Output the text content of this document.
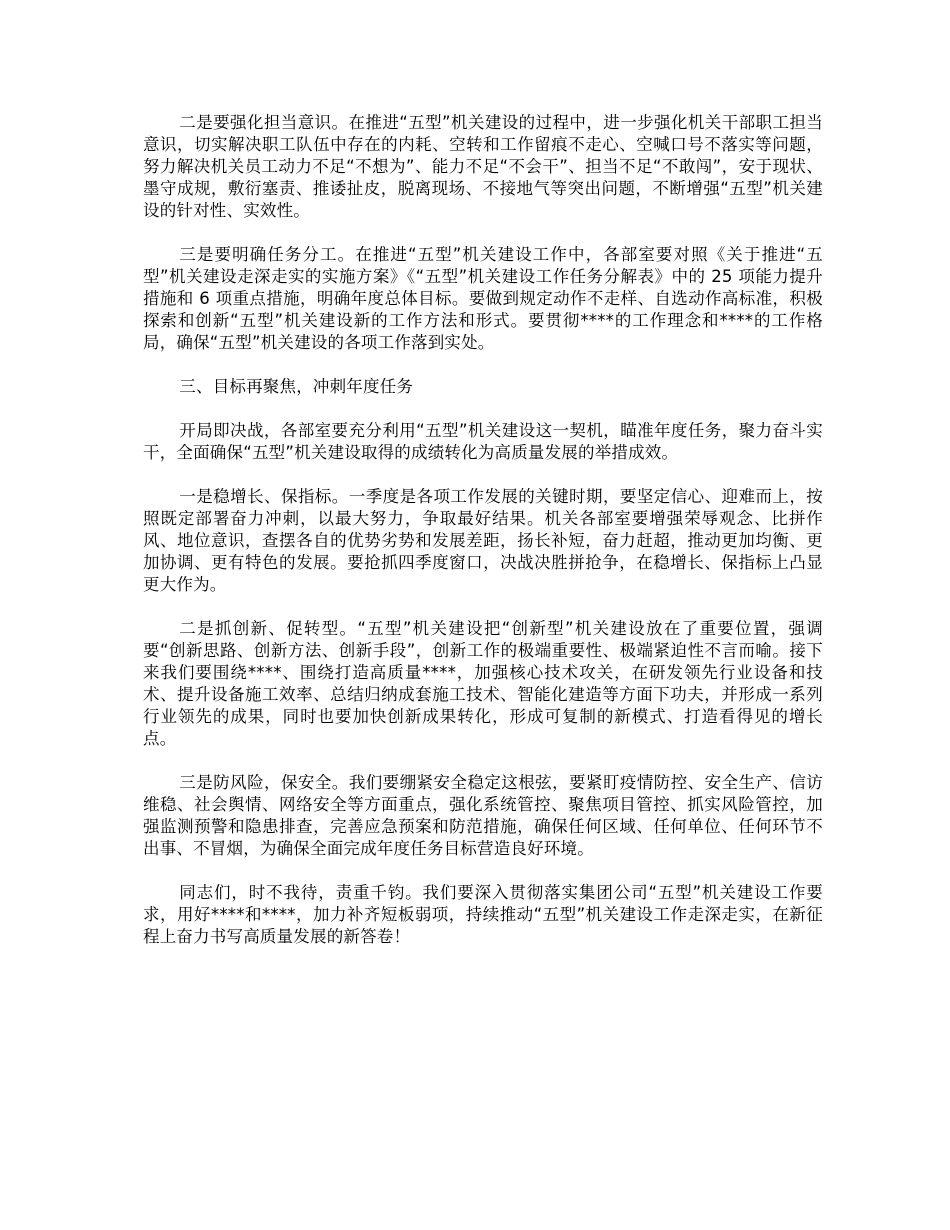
二是要强化担当意识。在推进“五型”机关建设的过程中，进一步强化机关干部职工担当意识，切实解决职工队伍中存在的内耗、空转和工作留痕不走心、空喊口号不落实等问题，努力解决机关员工动力不足“不想为”、能力不足“不会干”、担当不足“不敢闯”，安于现状、墨守成规，敷衍塞责、推诿扯皮，脱离现场、不接地气等突出问题，不断增强“五型”机关建设的针对性、实效性。

三是要明确任务分工。在推进“五型”机关建设工作中，各部室要对照《关于推进“五型”机关建设走深走实的实施方案》《“五型”机关建设工作任务分解表》中的 25 项能力提升措施和 6 项重点措施，明确年度总体目标。要做到规定动作不走样、自选动作高标准，积极探索和创新“五型”机关建设新的工作方法和形式。要贯彻****的工作理念和****的工作格局，确保“五型”机关建设的各项工作落到实处。

三、目标再聚焦，冲刺年度任务

开局即决战，各部室要充分利用“五型”机关建设这一契机，瞄准年度任务，聚力奋斗实干，全面确保“五型”机关建设取得的成绩转化为高质量发展的举措成效。

一是稳增长、保指标。一季度是各项工作发展的关键时期，要坚定信心、迎难而上，按照既定部署奋力冲刺，以最大努力，争取最好结果。机关各部室要增强荣辱观念、比拼作风、地位意识，查摆各自的优势劣势和发展差距，扬长补短，奋力赶超，推动更加均衡、更加协调、更有特色的发展。要抢抓四季度窗口，决战决胜拼抢争，在稳增长、保指标上凸显更大作为。

二是抓创新、促转型。“五型”机关建设把“创新型”机关建设放在了重要位置，强调要“创新思路、创新方法、创新手段”，创新工作的极端重要性、极端紧迫性不言而喻。接下来我们要围绕****、围绕打造高质量****，加强核心技术攻关，在研发领先行业设备和技术、提升设备施工效率、总结归纳成套施工技术、智能化建造等方面下功夫，并形成一系列行业领先的成果，同时也要加快创新成果转化，形成可复制的新模式、打造看得见的增长点。

三是防风险，保安全。我们要绷紧安全稳定这根弦，要紧盯疫情防控、安全生产、信访维稳、社会舆情、网络安全等方面重点，强化系统管控、聚焦项目管控、抓实风险管控，加强监测预警和隐患排查，完善应急预案和防范措施，确保任何区域、任何单位、任何环节不出事、不冒烟，为确保全面完成年度任务目标营造良好环境。

同志们，时不我待，责重千钧。我们要深入贯彻落实集团公司“五型”机关建设工作要求，用好****和****，加力补齐短板弱项，持续推动“五型”机关建设工作走深走实，在新征程上奋力书写高质量发展的新答卷！
